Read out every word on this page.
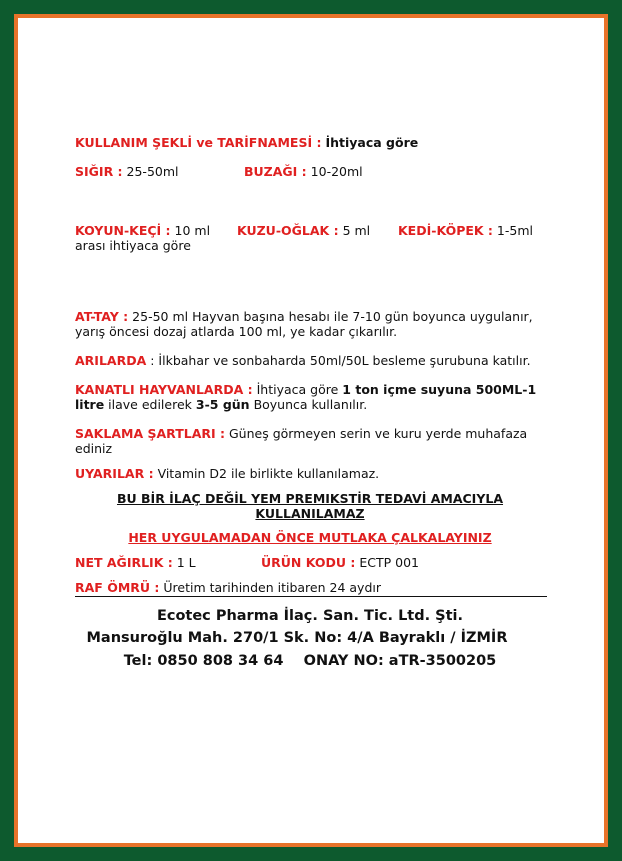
KULLANIM ŞEKLİ ve TARİFNAMESİ : İhtiyaca göre
SIĞIR : 25-50ml	BUZAĞI : 10-20ml
KOYUN-KEÇİ : 10 ml KUZU-OĞLAK : 5 ml KEDİ-KÖPEK : 1-5ml
arası ihtiyaca göre
AT-TAY : 25-50 ml Hayvan başına hesabı ile 7-10 gün boyunca uygulanır, yarış öncesi dozaj atlarda 100 ml, ye kadar çıkarılır.
ARILARDA : İlkbahar ve sonbaharda 50ml/50L besleme şurubuna katılır.
KANATLI HAYVANLARDA : İhtiyaca göre 1 ton içme suyuna 500ML-1 litre ilave edilerek 3-5 gün Boyunca kullanılır.
SAKLAMA ŞARTLARI : Güneş görmeyen serin ve kuru yerde muhafaza ediniz
UYARILAR : Vitamin D2 ile birlikte kullanılamaz.
BU BİR İLAÇ DEĞİL YEM PREMIKSTİR TEDAVİ AMACIYLA KULLANILAMAZ
HER UYGULAMADAN ÖNCE MUTLAKA ÇALKALAYINIZ
NET AĞIRLIK : 1 L	ÜRÜN KODU : ECTP 001
RAF ÖMRÜ : Üretim tarihinden itibaren 24 aydır
Ecotec Pharma İlaç. San. Tic. Ltd. Şti.
Mansuroğlu Mah. 270/1 Sk. No: 4/A Bayraklı / İZMİR
Tel: 0850 808 34 64    ONAY NO: aTR-3500205
